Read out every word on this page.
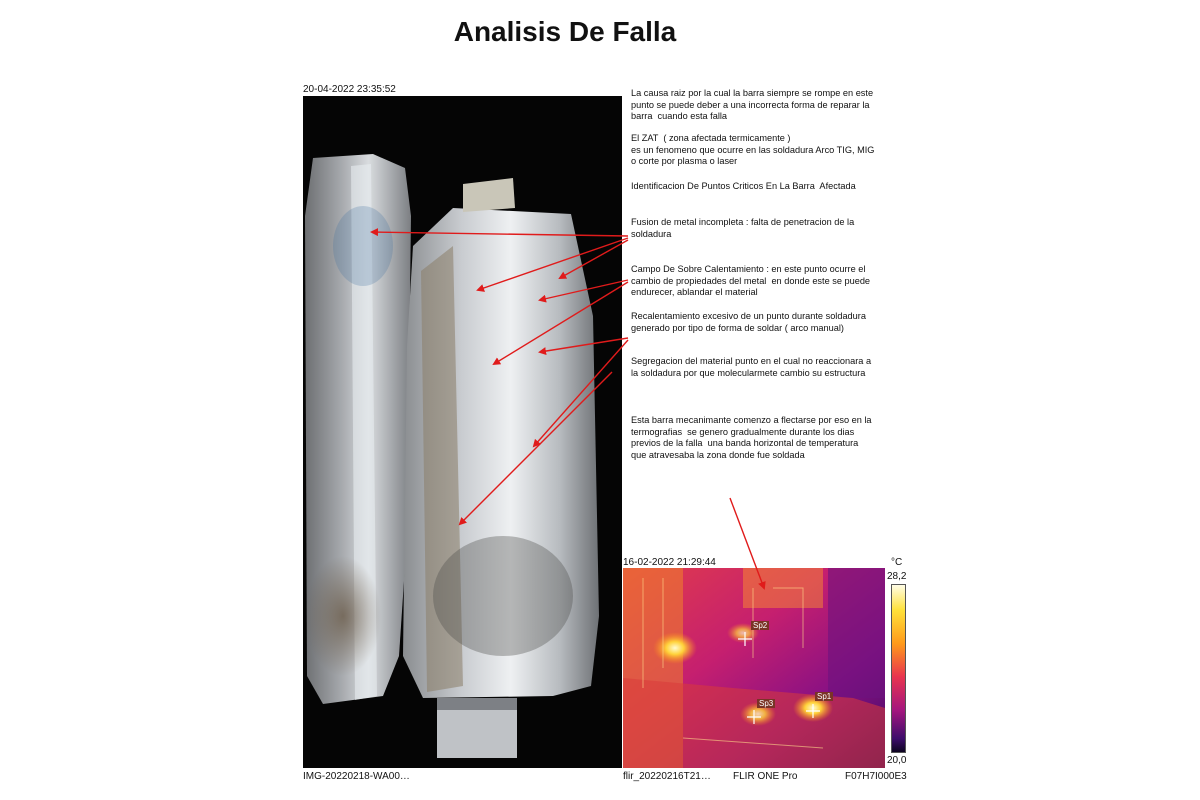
Analisis De Falla
20-04-2022 23:35:52
IMG-20220218-WA00…
La causa raiz por la cual la barra siempre se rompe en este
punto se puede deber a una incorrecta forma de reparar la
barra  cuando esta falla
El ZAT  ( zona afectada termicamente )
es un fenomeno que ocurre en las soldadura Arco TIG, MIG
o corte por plasma o laser
Identificacion De Puntos Criticos En La Barra  Afectada
Fusion de metal incompleta : falta de penetracion de la
soldadura
Campo De Sobre Calentamiento : en este punto ocurre el
cambio de propiedades del metal  en donde este se puede
endurecer, ablandar el material
Recalentamiento excesivo de un punto durante soldadura
generado por tipo de forma de soldar ( arco manual)
Segregacion del material punto en el cual no reaccionara a
la soldadura por que molecularmete cambio su estructura
Esta barra mecanimante comenzo a flectarse por eso en la
termografias  se genero gradualmente durante los dias
previos de la falla  una banda horizontal de temperatura
que atravesaba la zona donde fue soldada
16-02-2022 21:29:44	°C
28,2
Sp2
Sp1
Sp3
20,0
flir_20220216T21… FLIR ONE Pro	F07H7I000E3
